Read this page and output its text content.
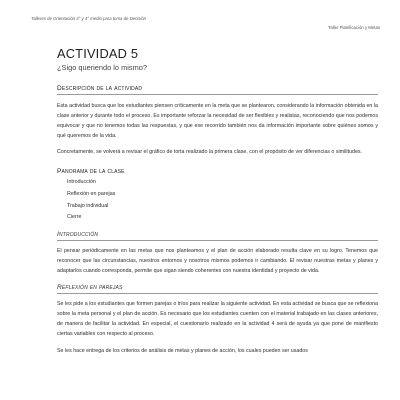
Talleres de Orientación 3° y 4° medio para toma de Decisión
Taller Planificación y Metas
ACTIVIDAD 5
¿Sigo queriendo lo mismo?
Descripción de la actividad

Esta actividad busca que los estudiantes piensen críticamente en la meta que se plantearon, considerando la información obtenida en la clase anterior y durante todo el proceso. Es importante reforzar la necesidad de ser flexibles y realistas, reconociendo que nos podemos equivocar y que no tenemos todas las respuestas, y que ese recorrido también nos da información importante sobre quiénes somos y qué queremos de la vida.

Concretamente, se volverá a revisar el gráfico de torta realizado la primera clase, con el propósito de ver diferencias o similitudes.

Panorama de la clase
Introducción
Reflexión en parejas
Trabajo individual
Cierre
Introducción

El pensar periódicamente en las metas que nos planteamos y el plan de acción elaborado resulta clave en su logro. Tenemos que reconocer que las circunstancias, nuestros entornos y nosotros mismos podemos ir cambiando. El revisar nuestras metas y planes y adaptarlos cuando corresponda, permite que sigan siendo coherentes con nuestra identidad y proyecto de vida.

Reflexión en parejas

Se les pide a los estudiantes que formen parejas o tríos para realizar la siguiente actividad. En esta actividad se busca que se reflexiona sobre la meta personal y el plan de acción. Es necesario que los estudiantes cuenten con el material trabajado en las clases anteriores, de manera de facilitar la actividad. En especial, el cuestionario realizado en la actividad 4 será de ayuda ya que pone de manifiesto ciertas variables con respecto al proceso.

Se les hace entrega de los criterios de análisis de metas y planes de acción, los cuales pueden ser usados
